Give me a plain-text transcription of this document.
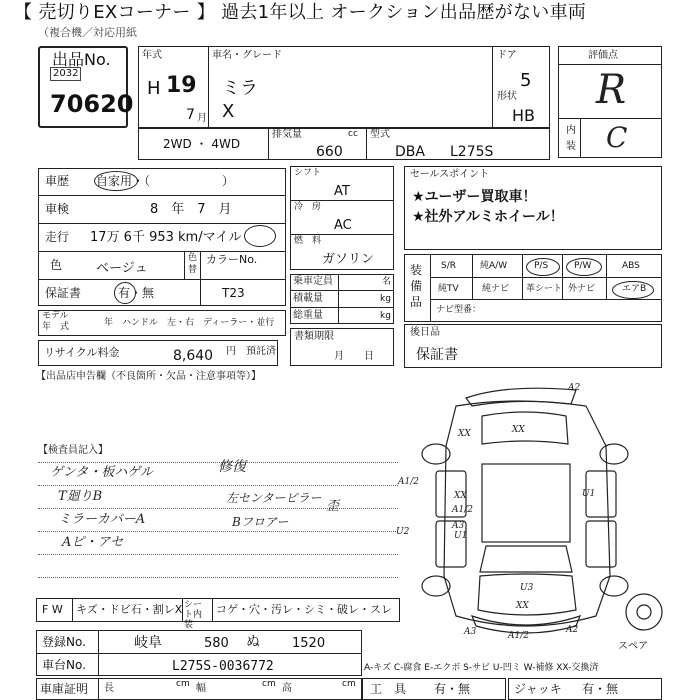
【 売切りEXコーナー 】 過去1年以上 オークション出品歴がない車両
（複合機／対応用紙
出品No.
2032
70620
年式
H 19
7 月
車名・グレード
ミラ
X
ドア
5
形状
HB
2WD ・ 4WD
排気量	cc
660
型式
DBA L275S
評価点
R
内
装 C
車歴 自家用・（　　　　　　）
車検	8　年　7　月
走行 17万 6千 953 km/マイル
色	ベージュ
色
替
カラーNo.
T23
保証書	有・無
モデル
年　式	年　ハンドル　左・右　ディーラー・並行
リサイクル料金	8,640 円　預託済
シフト
AT
冷　房
AC
燃　料
ガソリン
乗車定員	名
積載量	kg
総重量	kg
書類期限
月　　日
セールスポイント
★ユーザー買取車！
★社外アルミホイール！
装備品
S/R	純A/W	P/S	P/W	ABS
純TV	純ナビ 革シート 外ナビ	エアB
ナビ型番：
後日品
保証書
【出品店申告欄（不良箇所・欠品・注意事項等）】
【検査員記入】
ゲンタ・板ハゲル
T廻りB
ミラーカバーA
Aピ・アセ
修復
左センターピラー
Bフロアー
歪
A2
XX	XX
A1/2
XX	U1
A1/2
A3
U1
U3
XX
A3	A1/2
A2
U2
スペア
F W キズ・ドビ石・割レX シート内装
コゲ・穴・汚レ・シミ・破レ・スレ
登録No.	岐阜	580 ぬ 1520
車台No.	L275S-0036772	A-キズ C-腐食 E-エクボ S-サビ U-凹ミ W-補修 XX-交換済
車庫証明 長	cm 幅	cm 高	cm 工　具 有・無	ジャッキ 有・無
